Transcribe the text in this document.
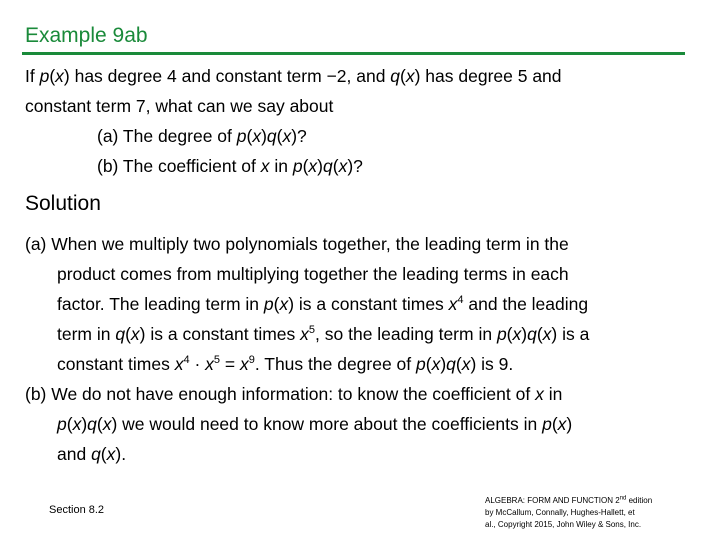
Example 9ab
If p(x) has degree 4 and constant term −2, and q(x) has degree 5 and
constant term 7, what can we say about
(a) The degree of p(x)q(x)?
(b) The coefficient of x in p(x)q(x)?
Solution
(a) When we multiply two polynomials together, the leading term in the
product comes from multiplying together the leading terms in each
factor. The leading term in p(x) is a constant times $x^4$ and the leading
term in q(x) is a constant times $x^5$, so the leading term in p(x)q(x) is a
constant times $x^4 \cdot x^5 = x^9$. Thus the degree of p(x)q(x) is 9.
(b) We do not have enough information: to know the coefficient of x in
p(x)q(x) we would need to know more about the coefficients in p(x)
and q(x).
Section 8.2
ALGEBRA: FORM AND FUNCTION 2nd edition
by McCallum, Connally, Hughes-Hallett, et
al., Copyright 2015, John Wiley & Sons, Inc.
